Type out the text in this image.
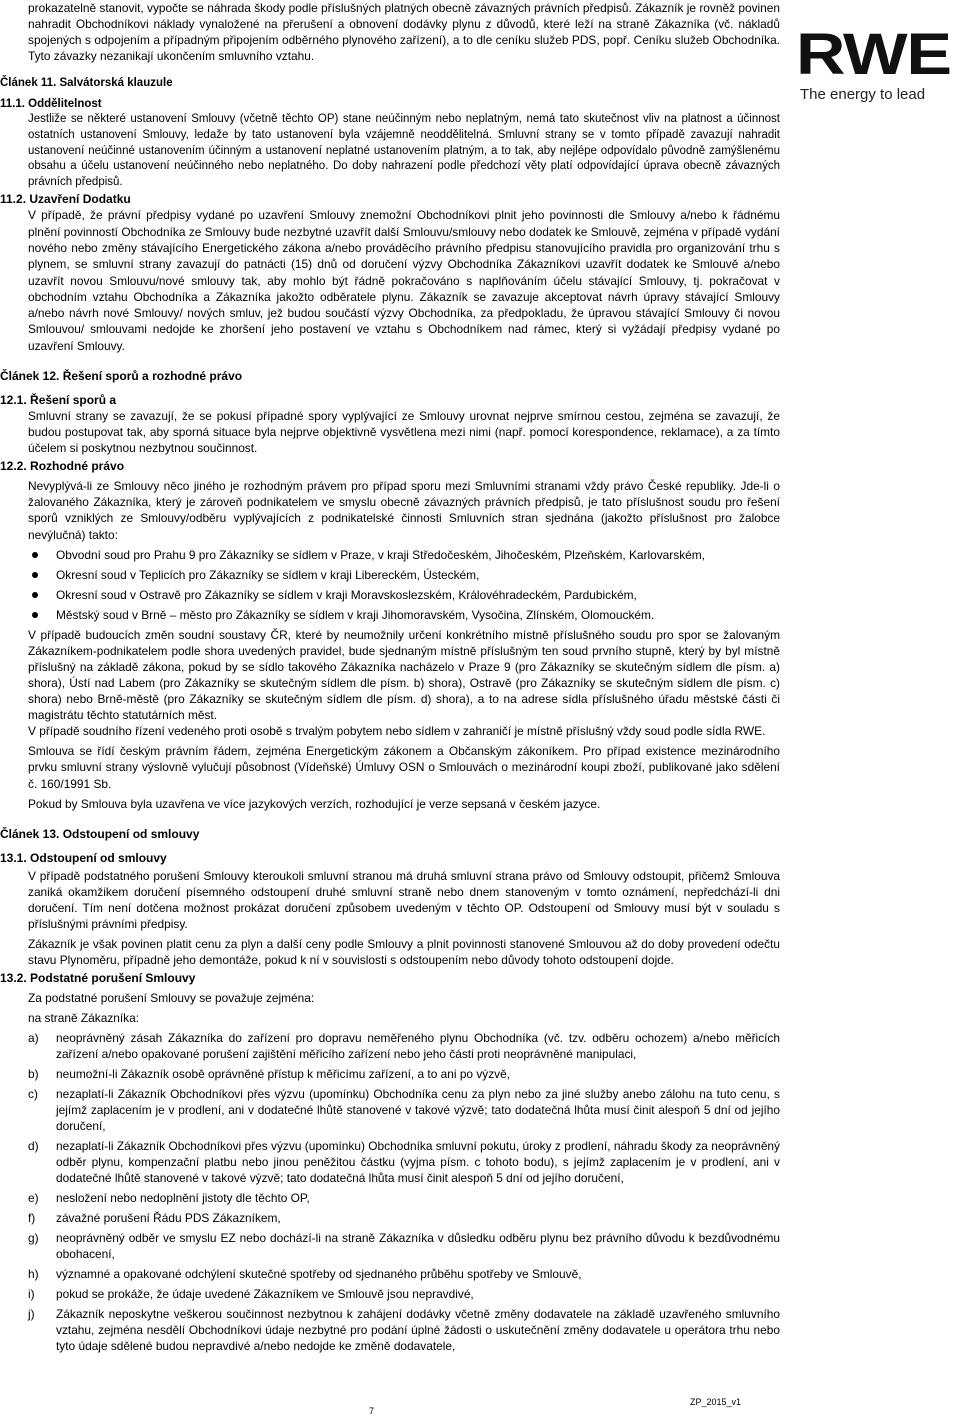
RWE
The energy to lead

prokazatelně stanovit, vypočte se náhrada škody podle příslušných platných obecně závazných právních předpisů. Zákazník je rovněž povinen nahradit Obchodníkovi náklady vynaložené na přerušení a obnovení dodávky plynu z důvodů, které leží na straně Zákazníka (vč. nákladů spojených s odpojením a případným připojením odběrného plynového zařízení), a to dle ceníku služeb PDS, popř. Ceníku služeb Obchodníka. Tyto závazky nezanikají ukončením smluvního vztahu.

Článek 11. Salvátorská klauzule

11.1. Oddělitelnost

Jestliže se některé ustanovení Smlouvy (včetně těchto OP) stane neúčinným nebo neplatným, nemá tato skutečnost vliv na platnost a účinnost ostatních ustanovení Smlouvy, ledaže by tato ustanovení byla vzájemně neoddělitelná. Smluvní strany se v tomto případě zavazují nahradit ustanovení neúčinné ustanovením účinným a ustanovení neplatné ustanovením platným, a to tak, aby nejlépe odpovídalo původně zamýšlenému obsahu a účelu ustanovení neúčinného nebo neplatného. Do doby nahrazení podle předchozí věty platí odpovídající úprava obecně závazných právních předpisů.

11.2. Uzavření Dodatku

V případě, že právní předpisy vydané po uzavření Smlouvy znemožní Obchodníkovi plnit jeho povinnosti dle Smlouvy a/nebo k řádnému plnění povinností Obchodníka ze Smlouvy bude nezbytné uzavřít další Smlouvu/smlouvy nebo dodatek ke Smlouvě, zejména v případě vydání nového nebo změny stávajícího Energetického zákona a/nebo prováděcího právního předpisu stanovujícího pravidla pro organizování trhu s plynem, se smluvní strany zavazují do patnácti (15) dnů od doručení výzvy Obchodníka Zákazníkovi uzavřít dodatek ke Smlouvě a/nebo uzavřít novou Smlouvu/nové smlouvy tak, aby mohlo být řádně pokračováno s naplňováním účelu stávající Smlouvy, tj. pokračovat v obchodním vztahu Obchodníka a Zákazníka jakožto odběratele plynu. Zákazník se zavazuje akceptovat návrh úpravy stávající Smlouvy a/nebo návrh nové Smlouvy/ nových smluv, jež budou součástí výzvy Obchodníka, za předpokladu, že úpravou stávající Smlouvy či novou Smlouvou/ smlouvami nedojde ke zhoršení jeho postavení ve vztahu s Obchodníkem nad rámec, který si vyžádají předpisy vydané po uzavření Smlouvy.

Článek 12. Řešení sporů a rozhodné právo

12.1. Řešení sporů a

Smluvní strany se zavazují, že se pokusí případné spory vyplývající ze Smlouvy urovnat nejprve smírnou cestou, zejména se zavazují, že budou postupovat tak, aby sporná situace byla nejprve objektivně vysvětlena mezi nimi (např. pomocí korespondence, reklamace), a za tímto účelem si poskytnou nezbytnou součinnost.

12.2. Rozhodné právo

Nevyplývá-li ze Smlouvy něco jiného je rozhodným právem pro případ sporu mezi Smluvními stranami vždy právo České republiky. Jde-li o žalovaného Zákazníka, který je zároveň podnikatelem ve smyslu obecně závazných právních předpisů, je tato příslušnost soudu pro řešení sporů vzniklých ze Smlouvy/odběru vyplývajících z podnikatelské činnosti Smluvních stran sjednána (jakožto příslušnost pro žalobce nevýlučná) takto:

Obvodní soud pro Prahu 9 pro Zákazníky se sídlem v Praze, v kraji Středočeském, Jihočeském, Plzeňském, Karlovarském,

Okresní soud v Teplicích pro Zákazníky se sídlem v kraji Libereckém, Ústeckém,

Okresní soud v Ostravě pro Zákazníky se sídlem v kraji Moravskoslezském, Královéhradeckém, Pardubickém,

Městský soud v Brně – město pro Zákazníky se sídlem v kraji Jihomoravském, Vysočina, Zlínském, Olomouckém.

V případě budoucích změn soudní soustavy ČR, které by neumožnily určení konkrétního místně příslušného soudu pro spor se žalovaným Zákazníkem-podnikatelem podle shora uvedených pravidel, bude sjednaným místně příslušným ten soud prvního stupně, který by byl místně příslušný na základě zákona, pokud by se sídlo takového Zákazníka nacházelo v Praze 9 (pro Zákazníky se skutečným sídlem dle písm. a) shora), Ústí nad Labem (pro Zákazníky se skutečným sídlem dle písm. b) shora), Ostravě (pro Zákazníky se skutečným sídlem dle písm. c) shora) nebo Brně-městě (pro Zákazníky se skutečným sídlem dle písm. d) shora), a to na adrese sídla příslušného úřadu městské části či magistrátu těchto statutárních měst.

V případě soudního řízení vedeného proti osobě s trvalým pobytem nebo sídlem v zahraničí je místně příslušný vždy soud podle sídla RWE.

Smlouva se řídí českým právním řádem, zejména Energetickým zákonem a Občanským zákoníkem. Pro případ existence mezinárodního prvku smluvní strany výslovně vylučují působnost (Vídeňské) Úmluvy OSN o Smlouvách o mezinárodní koupi zboží, publikované jako sdělení č. 160/1991 Sb.

Pokud by Smlouva byla uzavřena ve více jazykových verzích, rozhodující je verze sepsaná v českém jazyce.

Článek 13. Odstoupení od smlouvy

13.1. Odstoupení od smlouvy

V případě podstatného porušení Smlouvy kteroukoli smluvní stranou má druhá smluvní strana právo od Smlouvy odstoupit, přičemž Smlouva zaniká okamžikem doručení písemného odstoupení druhé smluvní straně nebo dnem stanoveným v tomto oznámení, nepředchází-li dni doručení. Tím není dotčena možnost prokázat doručení způsobem uvedeným v těchto OP. Odstoupení od Smlouvy musí být v souladu s příslušnými právními předpisy.

Zákazník je však povinen platit cenu za plyn a další ceny podle Smlouvy a plnit povinnosti stanovené Smlouvou až do doby provedení odečtu stavu Plynoměru, případně jeho demontáže, pokud k ní v souvislosti s odstoupením nebo důvody tohoto odstoupení dojde.

13.2. Podstatné porušení Smlouvy

Za podstatné porušení Smlouvy se považuje zejména:

na straně Zákazníka:

a) neoprávněný zásah Zákazníka do zařízení pro dopravu neměřeného plynu Obchodníka (vč. tzv. odběru ochozem) a/nebo měřicích zařízení a/nebo opakované porušení zajištění měřicího zařízení nebo jeho části proti neoprávněné manipulaci,

b) neumožní-li Zákazník osobě oprávněné přístup k měřicímu zařízení, a to ani po výzvě,

c) nezaplatí-li Zákazník Obchodníkovi přes výzvu (upomínku) Obchodníka cenu za plyn nebo za jiné služby anebo zálohu na tuto cenu, s jejímž zaplacením je v prodlení, ani v dodatečné lhůtě stanovené v takové výzvě; tato dodatečná lhůta musí činit alespoň 5 dní od jejího doručení,

d) nezaplatí-li Zákazník Obchodníkovi přes výzvu (upomínku) Obchodníka smluvní pokutu, úroky z prodlení, náhradu škody za neoprávněný odběr plynu, kompenzační platbu nebo jinou peněžitou částku (vyjma písm. c tohoto bodu), s jejímž zaplacením je v prodlení, ani v dodatečné lhůtě stanovené v takové výzvě; tato dodatečná lhůta musí činit alespoň 5 dní od jejího doručení,

e) nesložení nebo nedoplnění jistoty dle těchto OP,

f) závažné porušení Řádu PDS Zákazníkem,

g) neoprávněný odběr ve smyslu EZ nebo dochází-li na straně Zákazníka v důsledku odběru plynu bez právního důvodu k bezdůvodnému obohacení,

h) významné a opakované odchýlení skutečné spotřeby od sjednaného průběhu spotřeby ve Smlouvě,

i) pokud se prokáže, že údaje uvedené Zákazníkem ve Smlouvě jsou nepravdivé,

j) Zákazník neposkytne veškerou součinnost nezbytnou k zahájení dodávky včetně změny dodavatele na základě uzavřeného smluvního vztahu, zejména nesdělí Obchodníkovi údaje nezbytné pro podání úplné žádosti o uskutečnění změny dodavatele u operátora trhu nebo tyto údaje sdělené budou nepravdivé a/nebo nedojde ke změně dodavatele,

7
ZP_2015_v1
